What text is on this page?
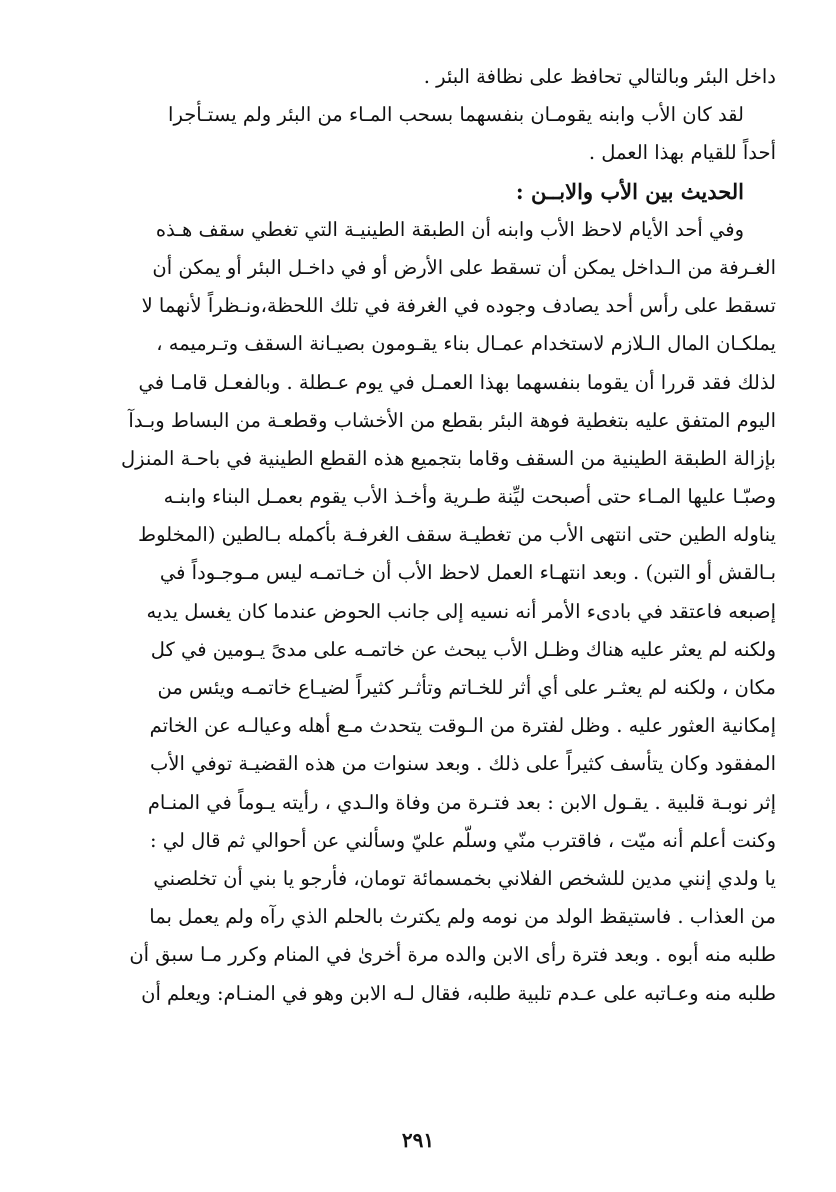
داخل البئر وبالتالي تحافظ على نظافة البئر .
لقد كان الأب وابنه يقومـان بنفسهما بسحب المـاء من البئر ولم يستـأجرا
أحداً للقيام بهذا العمل .
الحديث بين الأب والابــن :
وفي أحد الأيام لاحظ الأب وابنه أن الطبقة الطينيـة التي تغطي سقف هـذه
الغـرفة من الـداخل يمكن أن تسقط على الأرض أو في داخـل البئر أو يمكن أن
تسقط على رأس أحد يصادف وجوده في الغرفة في تلك اللحظة،ونـظراً لأنهما لا
يملكـان المال الـلازم لاستخدام عمـال بناء يقـومون بصيـانة السقف وتـرميمه ،
لذلك فقد قررا أن يقوما بنفسهما بهذا العمـل في يوم عـطلة . وبالفعـل قامـا في
اليوم المتفق عليه بتغطية فوهة البئر بقطع من الأخشاب وقطعـة من البساط وبـدآ
بإزالة الطبقة الطينية من السقف وقاما بتجميع هذه القطع الطينية في باحـة المنزل
وصبّـا عليها المـاء حتى أصبحت ليِّنة طـرية وأخـذ الأب يقوم بعمـل البناء وابنـه
يناوله الطين حتى انتهى الأب من تغطيـة سقف الغرفـة بأكمله بـالطين (المخلوط
بـالقش أو التبن) . وبعد انتهـاء العمل لاحظ الأب أن خـاتمـه ليس مـوجـوداً في
إصبعه فاعتقد في بادىء الأمر أنه نسيه إلى جانب الحوض عندما كان يغسل يديه
ولكنه لم يعثر عليه هناك وظـل الأب يبحث عن خاتمـه على مدىً يـومين في كل
مكان ، ولكنه لم يعثـر على أي أثر للخـاتم وتأثـر كثيراً لضيـاع خاتمـه ويئس من
إمكانية العثور عليه . وظل لفترة من الـوقت يتحدث مـع أهله وعيالـه عن الخاتم
المفقود وكان يتأسف كثيراً على ذلك . وبعد سنوات من هذه القضيـة توفي الأب
إثر نوبـة قلبية . يقـول الابن : بعد فتـرة من وفاة والـدي ، رأيته يـوماً في المنـام
وكنت أعلم أنه ميّت ، فاقترب منّي وسلّم عليّ وسألني عن أحوالي ثم قال لي :
يا ولدي إنني مدين للشخص الفلاني بخمسمائة تومان، فأرجو يا بني أن تخلصني
من العذاب . فاستيقظ الولد من نومه ولم يكترث بالحلم الذي رآه ولم يعمل بما
طلبه منه أبوه . وبعد فترة رأى الابن والده مرة أخرىٰ في المنام وكرر مـا سبق أن
طلبه منه وعـاتبه على عـدم تلبية طلبه، فقال لـه الابن وهو في المنـام: ويعلم أن
٢٩١
